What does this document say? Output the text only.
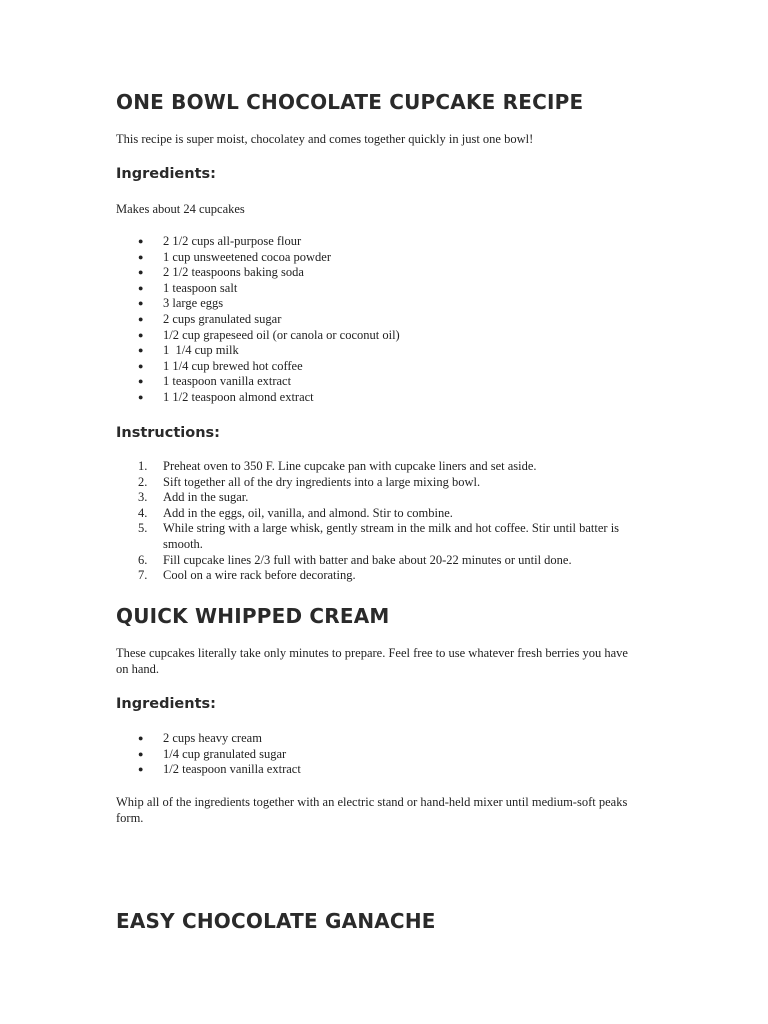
ONE BOWL CHOCOLATE CUPCAKE RECIPE

This recipe is super moist, chocolatey and comes together quickly in just one bowl!

Ingredients:

Makes about 24 cupcakes

● 2 1/2 cups all-purpose flour
● 1 cup unsweetened cocoa powder
● 2 1/2 teaspoons baking soda
● 1 teaspoon salt
● 3 large eggs
● 2 cups granulated sugar
● 1/2 cup grapeseed oil (or canola or coconut oil)
● 1  1/4 cup milk
● 1 1/4 cup brewed hot coffee
● 1 teaspoon vanilla extract
● 1 1/2 teaspoon almond extract
Instructions:
1. Preheat oven to 350 F. Line cupcake pan with cupcake liners and set aside.
2. Sift together all of the dry ingredients into a large mixing bowl.
3. Add in the sugar.
4. Add in the eggs, oil, vanilla, and almond. Stir to combine.
5. While string with a large whisk, gently stream in the milk and hot coffee. Stir until batter is smooth.
6. Fill cupcake lines 2/3 full with batter and bake about 20-22 minutes or until done.
7. Cool on a wire rack before decorating.
QUICK WHIPPED CREAM

These cupcakes literally take only minutes to prepare. Feel free to use whatever fresh berries you have on hand.

Ingredients:
● 2 cups heavy cream
● 1/4 cup granulated sugar
● 1/2 teaspoon vanilla extract

Whip all of the ingredients together with an electric stand or hand-held mixer until medium-soft peaks form.

EASY CHOCOLATE GANACHE
